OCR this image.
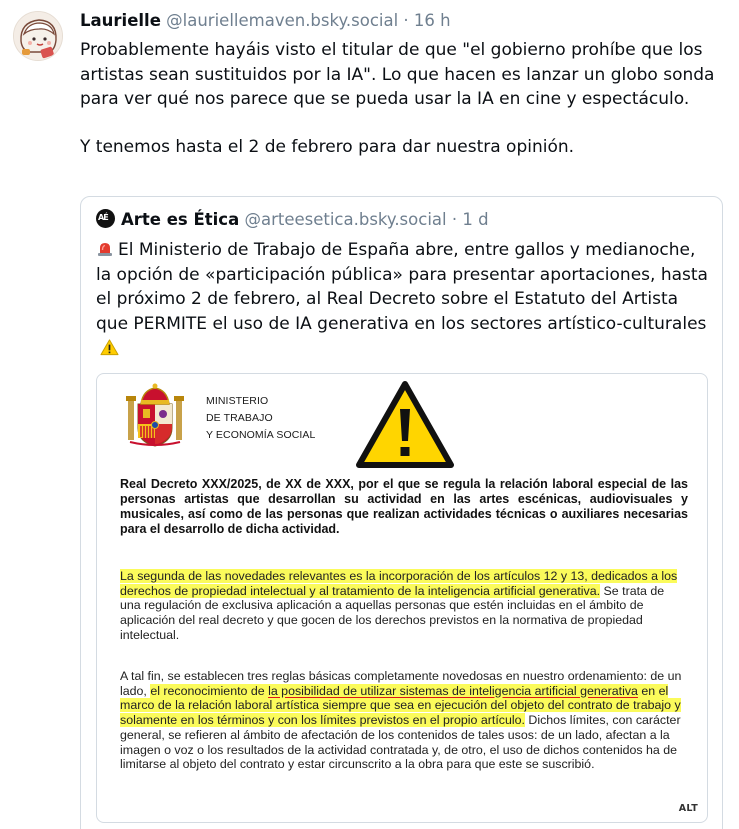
Laurielle @lauriellemaven.bsky.social · 16 h

Probablemente hayáis visto el titular de que "el gobierno prohíbe que los artistas sean sustituidos por la IA". Lo que hacen es lanzar un globo sonda para ver qué nos parece que se pueda usar la IA en cine y espectáculo.

Y tenemos hasta el 2 de febrero para dar nuestra opinión.

AÉArte es Ética @arteesetica.bsky.social · 1 d
El Ministerio de Trabajo de España abre, entre gallos y medianoche, la opción de «participación pública» para presentar aportaciones, hasta el próximo 2 de febrero, al Real Decreto sobre el Estatuto del Artista que PERMITE el uso de IA generativa en los sectores artístico-culturales
MINISTERIO
DE TRABAJO
Y ECONOMÍA SOCIAL
Real Decreto XXX/2025, de XX de XXX, por el que se regula la relación laboral especial de las personas artistas que desarrollan su actividad en las artes escénicas, audiovisuales y musicales, así como de las personas que realizan actividades técnicas o auxiliares necesarias para el desarrollo de dicha actividad.
La segunda de las novedades relevantes es la incorporación de los artículos 12 y 13, dedicados a los derechos de propiedad intelectual y al tratamiento de la inteligencia artificial generativa. Se trata de una regulación de exclusiva aplicación a aquellas personas que estén incluidas en el ámbito de aplicación del real decreto y que gocen de los derechos previstos en la normativa de propiedad intelectual.
A tal fin, se establecen tres reglas básicas completamente novedosas en nuestro ordenamiento: de un lado, el reconocimiento de la posibilidad de utilizar sistemas de inteligencia artificial generativa en el marco de la relación laboral artística siempre que sea en ejecución del objeto del contrato de trabajo y solamente en los términos y con los límites previstos en el propio artículo. Dichos límites, con carácter general, se refieren al ámbito de afectación de los contenidos de tales usos: de un lado, afectan a la imagen o voz o los resultados de la actividad contratada y, de otro, el uso de dichos contenidos ha de limitarse al objeto del contrato y estar circunscrito a la obra para que este se suscribió.
ALT
